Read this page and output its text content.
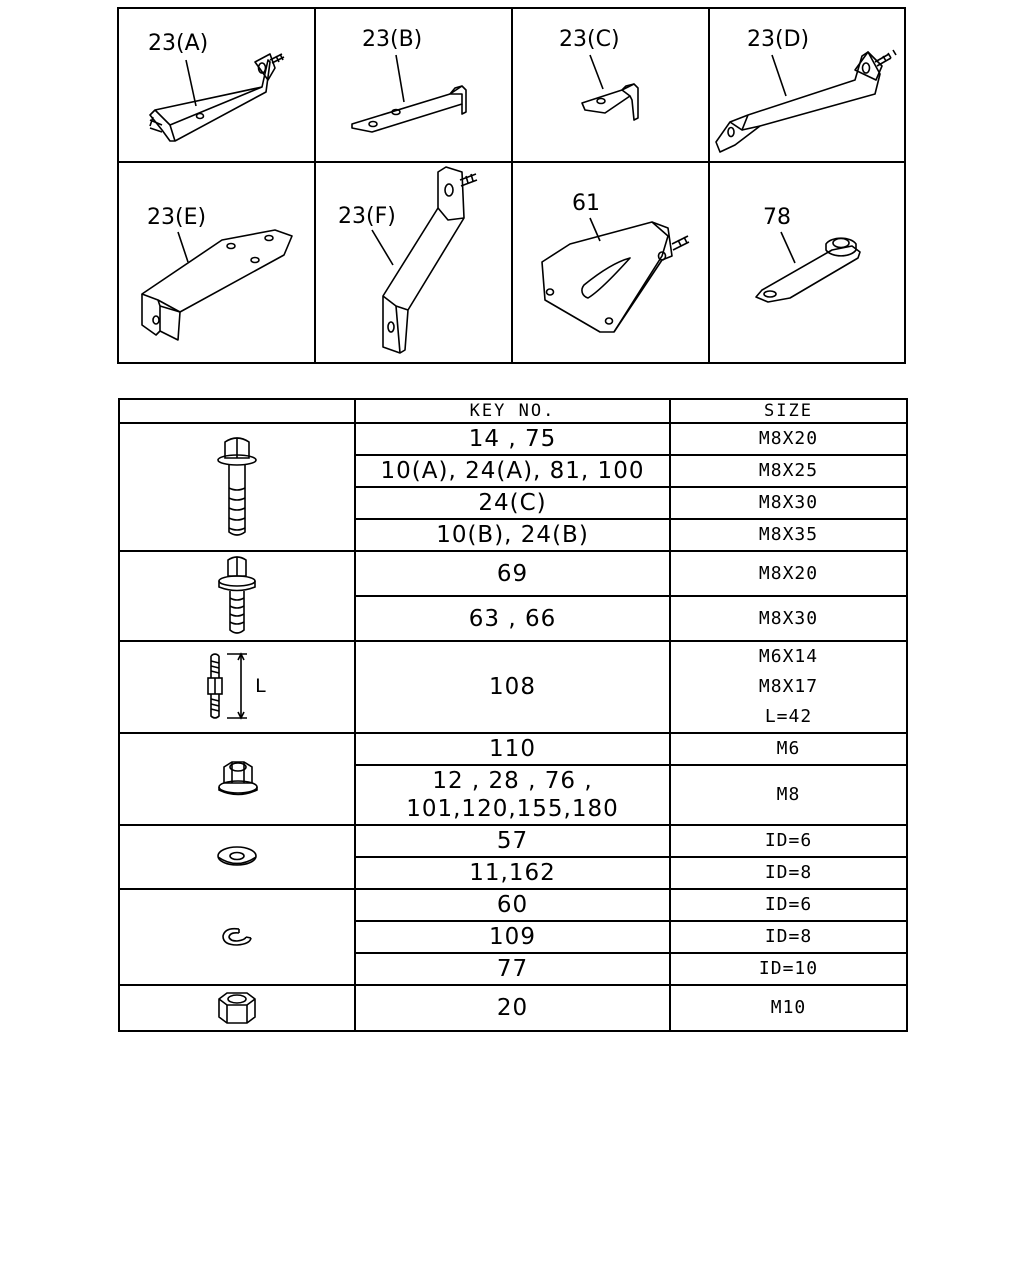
23(A)	23(B)	23(C)	23(D)
23(E)	23(F)
61
78
	KEY NO.	SIZE

	14 , 75	M8X20
	10(A), 24(A), 81, 100	M8X25
	24(C)	M8X30
	10(B), 24(B)	M8X35

	69	M8X20
	63 , 66	M8X30

L	108	M6X14
M8X17
L=42

	110	M6

	12 , 28 , 76 ,
101,120,155,180	M8

	57	ID=6
	11,162	ID=8

	60	ID=6
	109	ID=8
	77	ID=10

	20	M10
